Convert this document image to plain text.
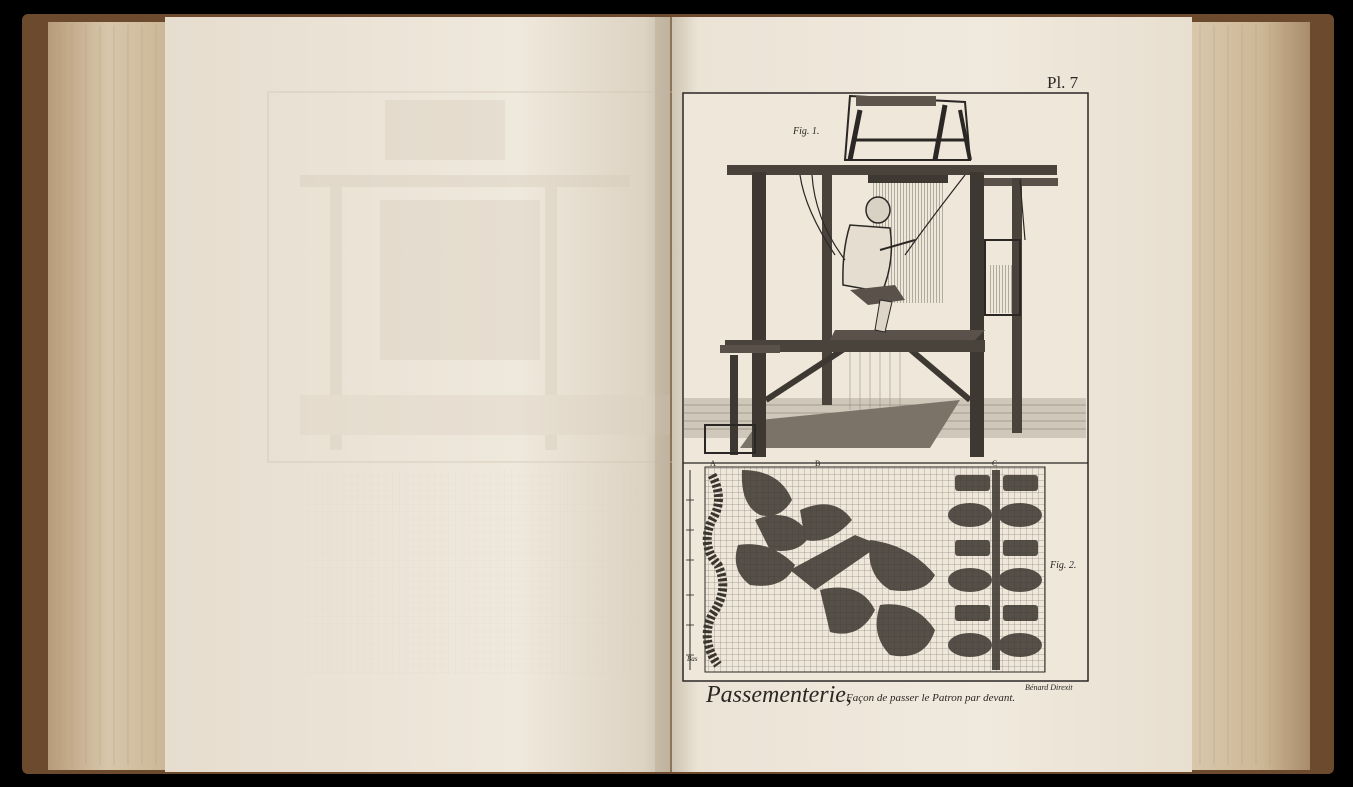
Pl. 7
Fig. 1.
A	B	C
Bas
Fig. 2.
Bénard Direxit
Passementerie,
Façon de passer le Patron par devant.
